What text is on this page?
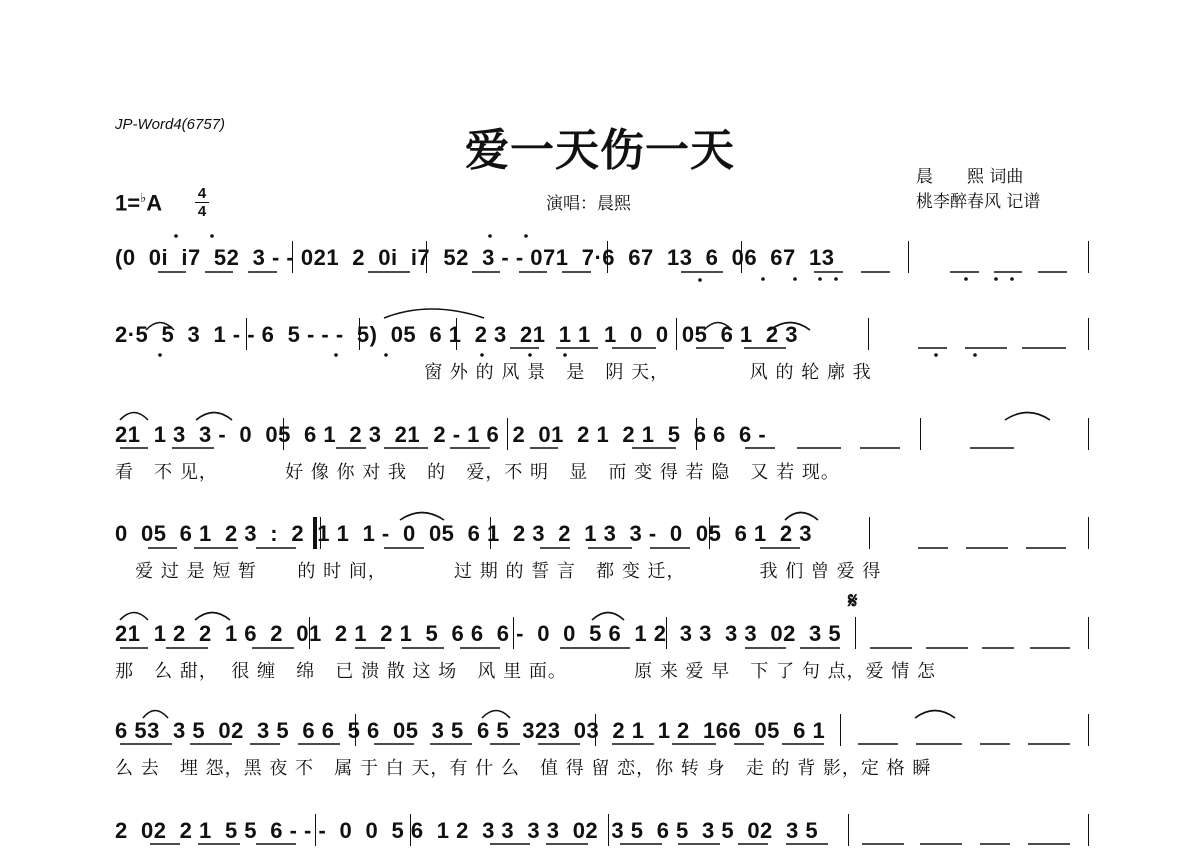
JP-Word4(6757)
爱一天伤一天
晨　　熙 词曲
桃李醉春风 记谱
演唱：晨熙
1=♭A 4
4
𝄋
(0  0i  i7  52  3 - - 021  2  0i  i7  52  3 - - 071  7·6  67  13  6  06  67  13
2·5  5  3  1 - - 6  5 - - -  5)  05  6 1  2 3  21  1 1  1  0  0  05  6 1  2 3
窗 外 的 风 景   是   阴 天，            风 的 轮 廓 我
21  1 3  3 -  0  05  6 1  2 3  21  2 - 1 6  2  01  2 1  2 1  5  6 6  6 -
看   不 见，          好 像 你 对 我   的   爱，不 明   显   而 变 得 若 隐   又 若 现。
0  05  6 1  2 3  :  2  1 1  1 -  0  05  6 1  2 3  2  1 3  3 -  0  05  6 1  2 3
爱 过 是 短 暂      的 时 间，          过 期 的 誓 言   都 变 迁，           我 们 曾 爱 得
21  1 2  2  1 6  2  01  2 1  2 1  5  6 6  6 -  0  0  5 6  1 2  3 3  3 3  02  3 5
那   么 甜，  很 缠   绵   已 溃 散 这 场   风 里 面。          原 来 爱 早   下 了 句 点，爱 情 怎
6 53  3 5  02  3 5  6 6  5 6  05  3 5  6 5  323  03  2 1  1 2  166  05  6 1
么 去   埋 怨，黑 夜 不   属 于 白 天，有 什 么   值 得 留 恋，你 转 身   走 的 背 影，定 格 瞬
2  02  2 1  5 5  6 - - -  0  0  5 6  1 2  3 3  3 3  02  3 5  6 5  3 5  02  3 5
